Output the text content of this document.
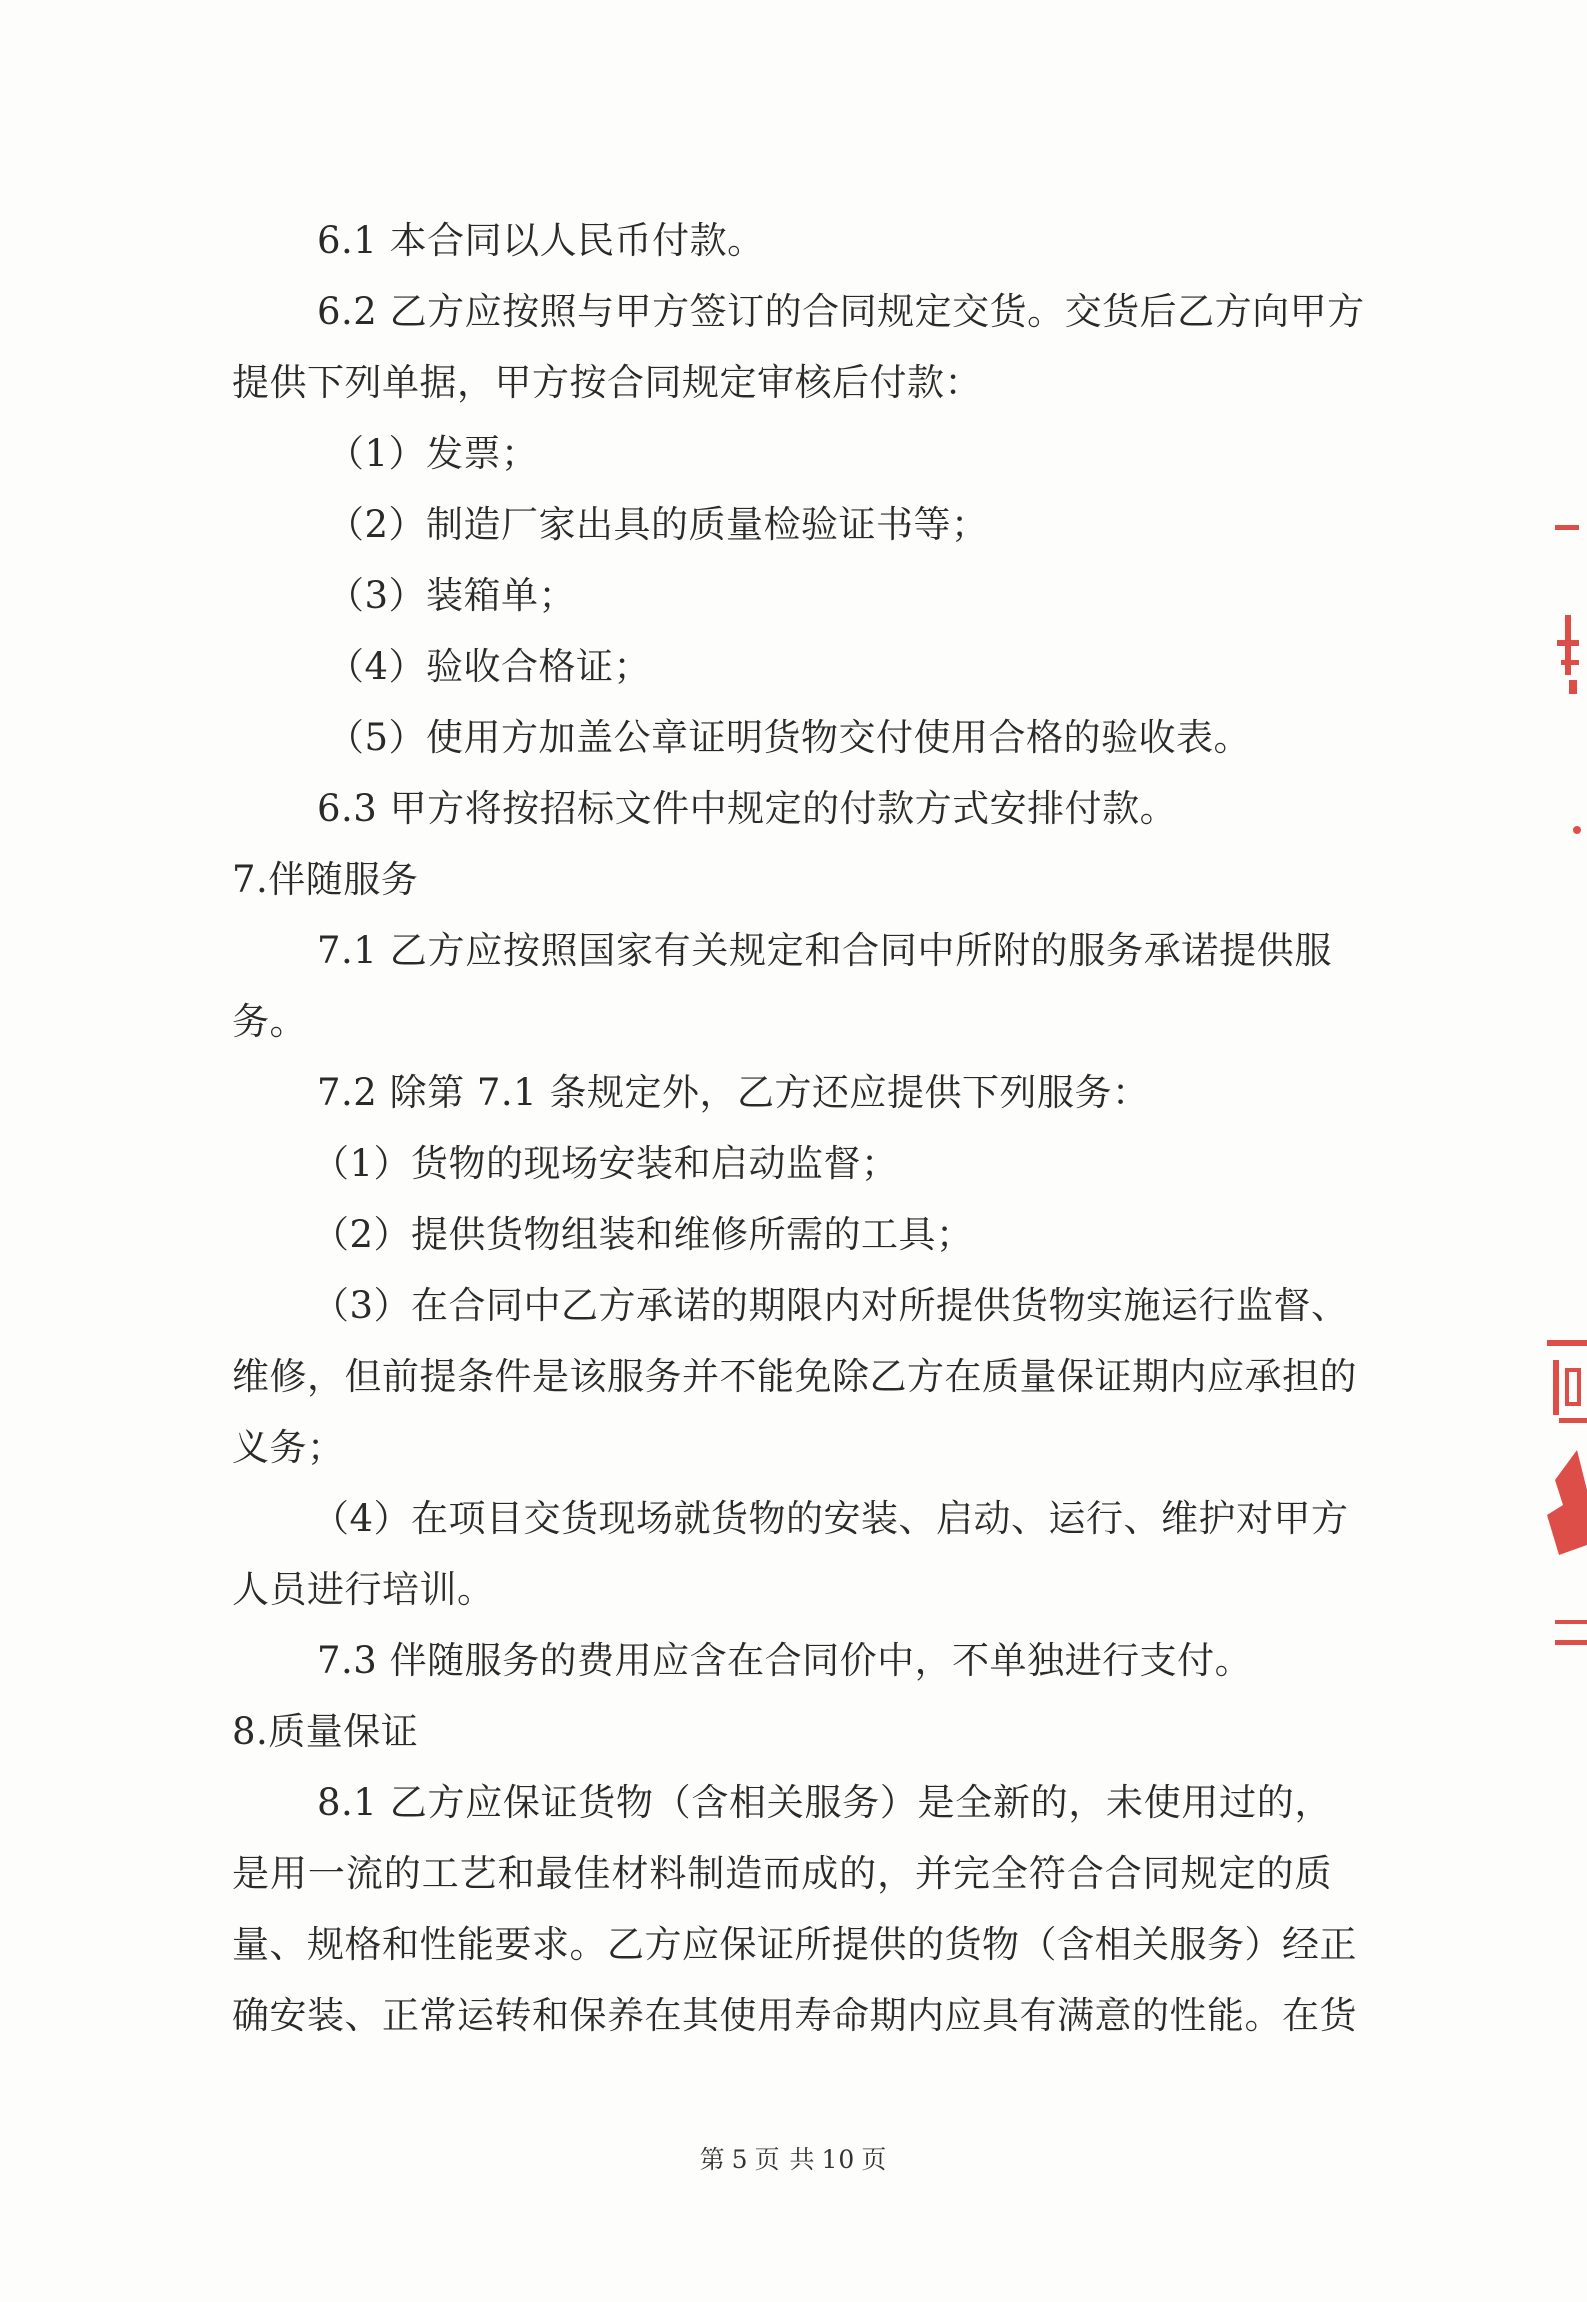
6.1 本合同以人民币付款。
6.2 乙方应按照与甲方签订的合同规定交货。交货后乙方向甲方
提供下列单据，甲方按合同规定审核后付款：
（1）发票；
（2）制造厂家出具的质量检验证书等；
（3）装箱单；
（4）验收合格证；
（5）使用方加盖公章证明货物交付使用合格的验收表。
6.3 甲方将按招标文件中规定的付款方式安排付款。
7.伴随服务
7.1 乙方应按照国家有关规定和合同中所附的服务承诺提供服
务。
7.2 除第 7.1 条规定外，乙方还应提供下列服务：
（1）货物的现场安装和启动监督；
（2）提供货物组装和维修所需的工具；
（3）在合同中乙方承诺的期限内对所提供货物实施运行监督、
维修，但前提条件是该服务并不能免除乙方在质量保证期内应承担的
义务；
（4）在项目交货现场就货物的安装、启动、运行、维护对甲方
人员进行培训。
7.3 伴随服务的费用应含在合同价中，不单独进行支付。
8.质量保证
8.1 乙方应保证货物（含相关服务）是全新的，未使用过的，
是用一流的工艺和最佳材料制造而成的，并完全符合合同规定的质
量、规格和性能要求。乙方应保证所提供的货物（含相关服务）经正
确安装、正常运转和保养在其使用寿命期内应具有满意的性能。在货
第 5 页 共 10 页
